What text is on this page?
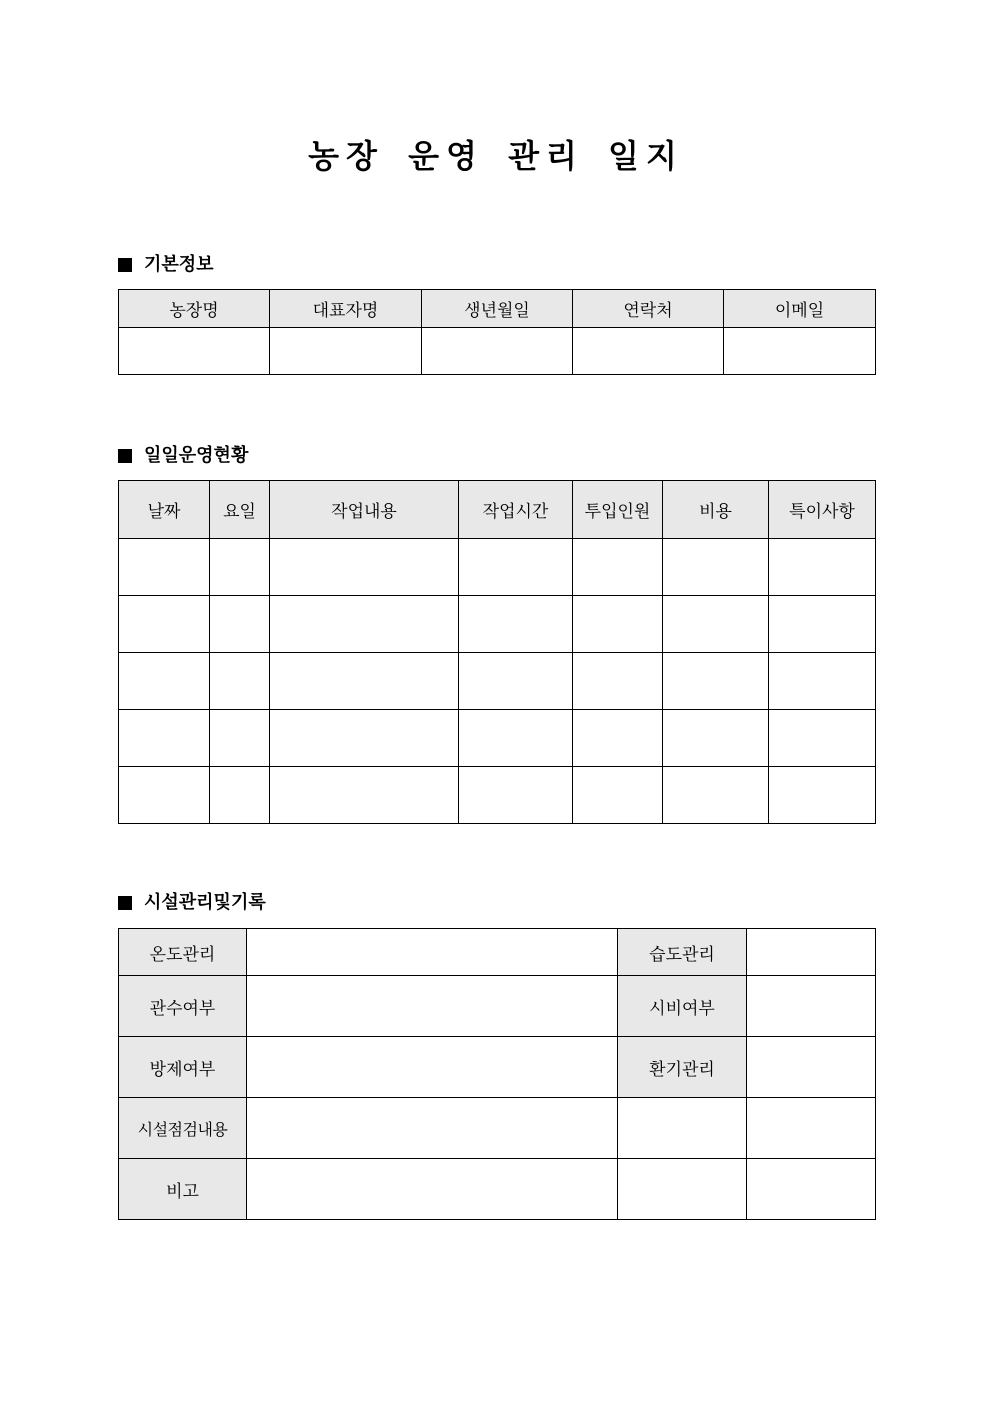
농장 운영 관리 일지
기본정보
농장명	대표자명	생년월일	연락처	이메일

일일운영현황
날짜	요일	작업내용	작업시간	투입인원	비용	특이사항

시설관리및기록
온도관리		습도관리	
관수여부		시비여부	
방제여부		환기관리	
시설점검내용			
비고			
